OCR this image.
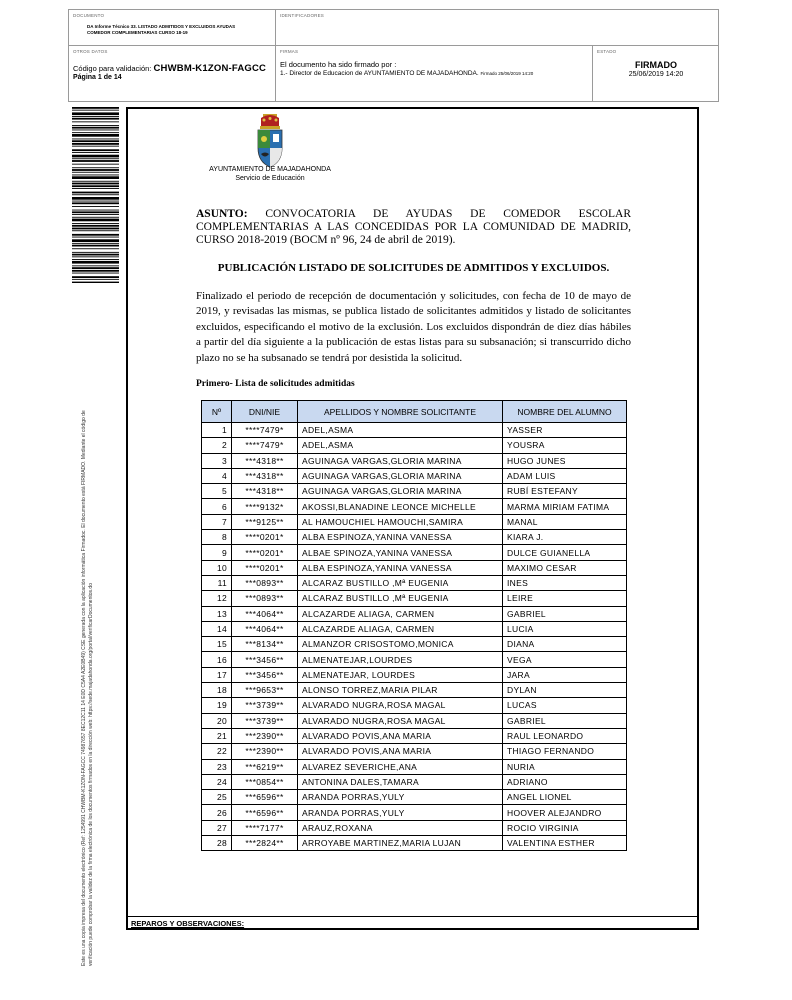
DOCUMENTO
DA Informe Técnico 33. LISTADO ADMITIDOS Y EXCLUIDOS AYUDAS
COMEDOR COMPLEMENTARIAS CURSO 18-19
IDENTIFICADORES
OTROS DATOS
Código para validación: CHWBM-K1ZON-FAGCC
Página 1 de 14
FIRMAS
El documento ha sido firmado por :
1.- Director de Educacion de AYUNTAMIENTO DE MAJADAHONDA. Firmado 25/06/2019 14:20
ESTADO
FIRMADO
25/06/2019 14:20
Este es una copia impresa del documento electrónico (Ref: 1254991 CHWBM-K1ZON-FAGCC 74987657 8EC12C11 14 E0D C5A4 A2E0B49) CSE generada con la aplicación informática Firmadoc. El documento está FIRMADO. Mediante el código de verificación puede comprobar la validez de la firma electrónica de los documentos firmados en la dirección web: https://sede.majadahonda.org/portal/verificarDocumentos.do	REPAROS Y OBSERVACIONES:
AYUNTAMIENTO DE MAJADAHONDA
Servicio de Educación
ASUNTO: CONVOCATORIA DE AYUDAS DE COMEDOR ESCOLAR
COMPLEMENTARIAS A LAS CONCEDIDAS POR LA COMUNIDAD DE MADRID,
CURSO 2018-2019 (BOCM nº 96, 24 de abril de 2019).
PUBLICACIÓN LISTADO DE SOLICITUDES DE ADMITIDOS Y EXCLUIDOS.
Finalizado el periodo de recepción de documentación y solicitudes, con fecha de 10 de mayo de 2019, y revisadas las mismas, se publica listado de solicitantes admitidos y listado de solicitantes excluidos, especificando el motivo de la exclusión. Los excluidos dispondrán de diez días hábiles a partir del día siguiente a la publicación de estas listas para su subsanación; si transcurrido dicho plazo no se ha subsanado se tendrá por desistida la solicitud.
Primero- Lista de solicitudes admitidas
Nº	DNI/NIE	APELLIDOS Y NOMBRE SOLICITANTE	NOMBRE DEL ALUMNO
1	****7479*	ADEL,ASMA	YASSER
2	****7479*	ADEL,ASMA	YOUSRA
3	***4318**	AGUINAGA VARGAS,GLORIA MARINA	HUGO JUNES
4	***4318**	AGUINAGA VARGAS,GLORIA MARINA	ADAM LUIS
5	***4318**	AGUINAGA VARGAS,GLORIA MARINA	RUBÍ ESTEFANY
6	****9132*	AKOSSI,BLANADINE LEONCE MICHELLE	MARMA MIRIAM FATIMA
7	***9125**	AL HAMOUCHIEL HAMOUCHI,SAMIRA	MANAL
8	****0201*	ALBA ESPINOZA,YANINA VANESSA	KIARA J.
9	****0201*	ALBAE SPINOZA,YANINA VANESSA	DULCE GUIANELLA
10	****0201*	ALBA ESPINOZA,YANINA VANESSA	MAXIMO CESAR
11	***0893**	ALCARAZ BUSTILLO ,Mª EUGENIA	INES
12	***0893**	ALCARAZ BUSTILLO ,Mª EUGENIA	LEIRE
13	***4064**	ALCAZARDE ALIAGA, CARMEN	GABRIEL
14	***4064**	ALCAZARDE ALIAGA, CARMEN	LUCIA
15	***8134**	ALMANZOR CRISOSTOMO,MONICA	DIANA
16	***3456**	ALMENATEJAR,LOURDES	VEGA
17	***3456**	ALMENATEJAR, LOURDES	JARA
18	***9653**	ALONSO TORREZ,MARIA PILAR	DYLAN
19	***3739**	ALVARADO NUGRA,ROSA MAGAL	LUCAS
20	***3739**	ALVARADO NUGRA,ROSA MAGAL	GABRIEL
21	***2390**	ALVARADO POVIS,ANA MARIA	RAUL LEONARDO
22	***2390**	ALVARADO POVIS,ANA MARIA	THIAGO FERNANDO
23	***6219**	ALVAREZ SEVERICHE,ANA	NURIA
24	***0854**	ANTONINA DALES,TAMARA	ADRIANO
25	***6596**	ARANDA PORRAS,YULY	ANGEL LIONEL
26	***6596**	ARANDA PORRAS,YULY	HOOVER ALEJANDRO
27	****7177*	ARAUZ,ROXANA	ROCIO VIRGINIA
28	***2824**	ARROYABE MARTINEZ,MARIA LUJAN	VALENTINA ESTHER
